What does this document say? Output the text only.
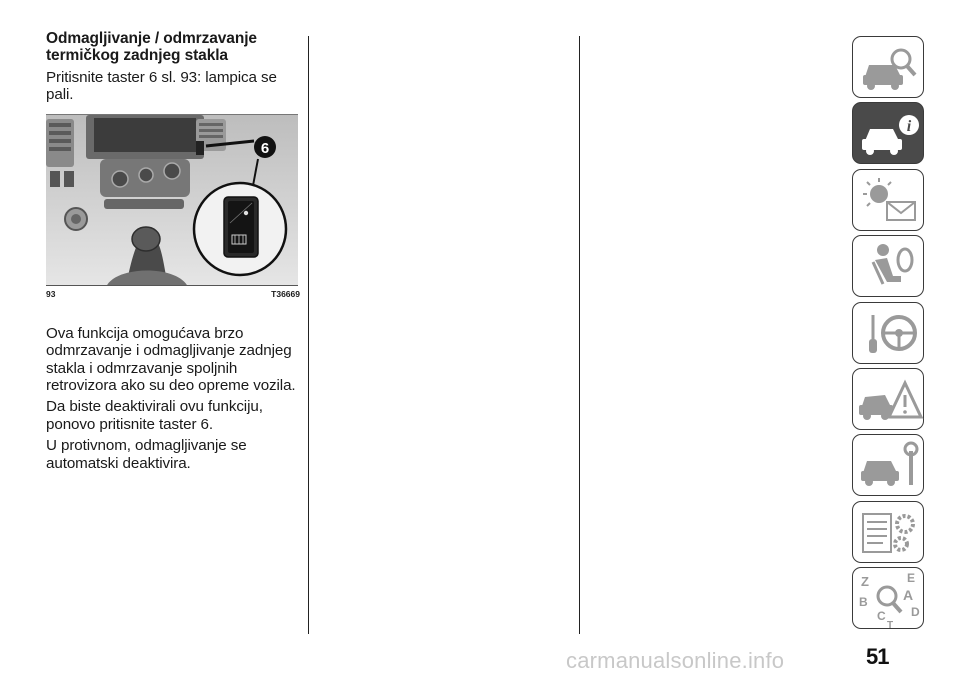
Odmagljivanje / odmrzavanje
termičkog zadnjeg stakla

Pritisnite taster 6 sl. 93: lampica se pali.

6
93	T36669

Ova funkcija omogućava brzo odmrzavanje i odmagljivanje zadnjeg stakla i odmrzavanje spoljnih retrovizora ako su deo opreme vozila.

Da biste deaktivirali ovu funkciju, ponovo pritisnite taster 6.

U protivnom, odmagljivanje se automatski deaktivira.

i
Z	E
B	A
C D
T
51
carmanualsonline.info
